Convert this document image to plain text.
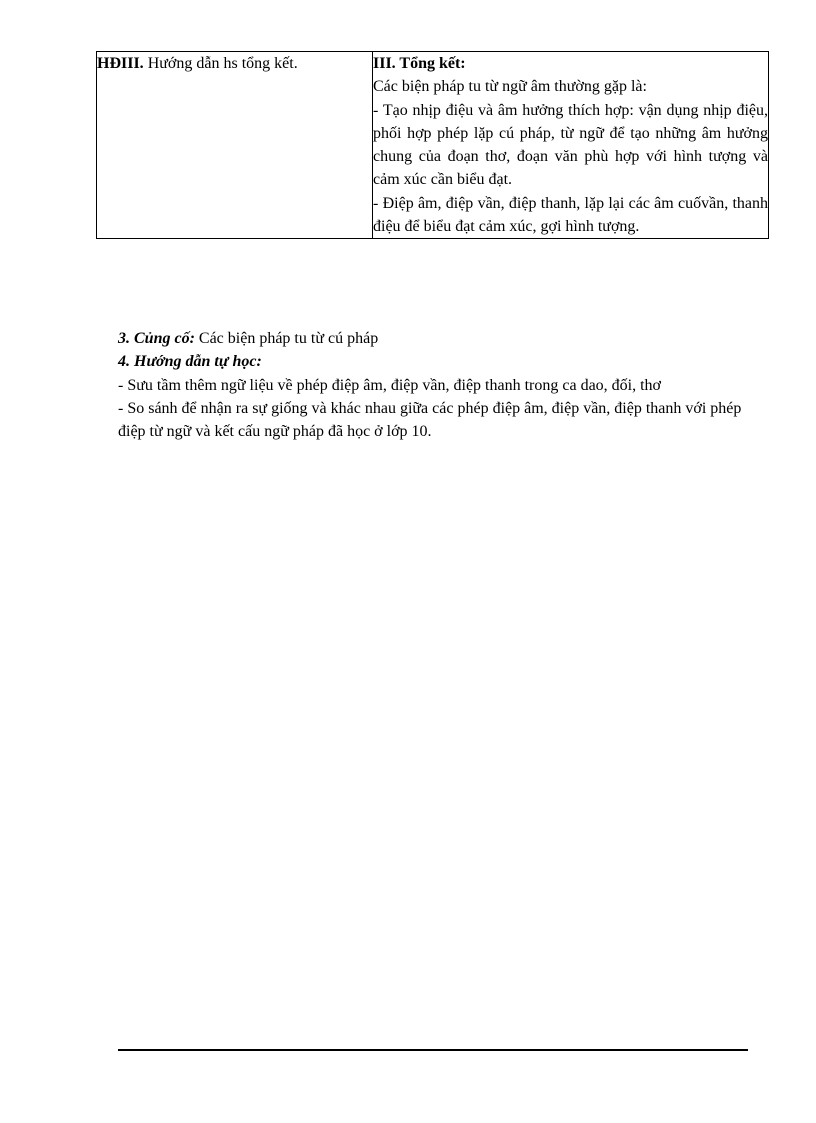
HĐIII. Hướng dẫn hs tổng kết.	III. Tổng kết:
Các biện pháp tu từ ngữ âm thường gặp là:
- Tạo nhịp điệu và âm hưởng thích hợp: vận dụng nhịp điệu, phối hợp phép lặp cú pháp, từ ngữ để tạo những âm hưởng chung của đoạn thơ, đoạn văn phù hợp với hình tượng và cảm xúc cần biểu đạt.
- Điệp âm, điệp vần, điệp thanh, lặp lại các âm cuốvần, thanh điệu để biểu đạt cảm xúc, gợi hình tượng.

3. Củng cố: Các biện pháp tu từ cú pháp

4. Hướng dẫn tự học:

- Sưu tầm thêm ngữ liệu về phép điệp âm, điệp vần, điệp thanh trong ca dao, đối, thơ

- So sánh để nhận ra sự giống và khác nhau giữa các phép điệp âm, điệp vần, điệp thanh với phép điệp từ ngữ và kết cấu ngữ pháp đã học ở lớp 10.
